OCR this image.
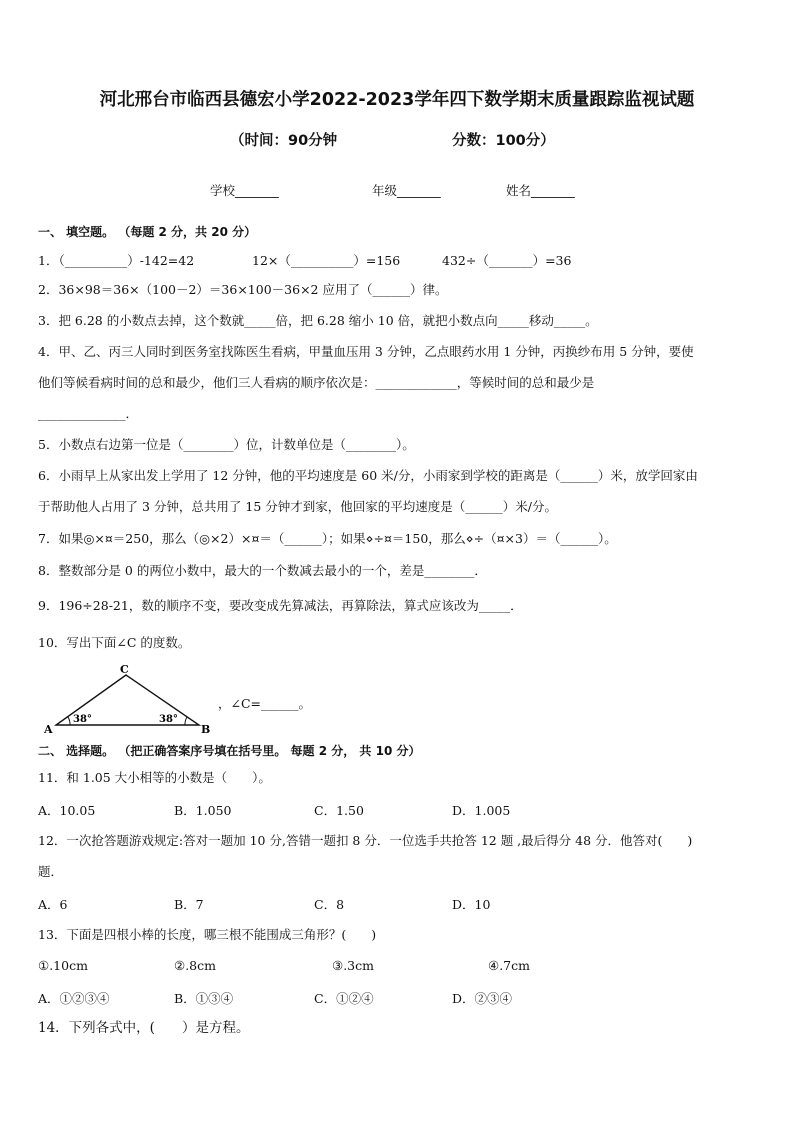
河北邢台市临西县德宏小学2022-2023学年四下数学期末质量跟踪监视试题
（时间：90分钟	分数：100分）
学校_______	年级_______	姓名_______
一、 填空题。 （每题 2 分，共 20 分）
1．（__________）-142=42	12×（__________）=156	432÷（_______）=36
2．36×98＝36×（100－2）＝36×100－36×2 应用了（______）律。
3．把 6.28 的小数点去掉，这个数就_____倍，把 6.28 缩小 10 倍，就把小数点向_____移动_____。
4．甲、乙、丙三人同时到医务室找陈医生看病，甲量血压用 3 分钟，乙点眼药水用 1 分钟，丙换纱布用 5 分钟，要使
他们等候看病时间的总和最少，他们三人看病的顺序依次是：_____________，等候时间的总和最少是
______________．
5．小数点右边第一位是（________）位，计数单位是（________）。
6．小雨早上从家出发上学用了 12 分钟，他的平均速度是 60 米/分，小雨家到学校的距离是（______）米，放学回家由
于帮助他人占用了 3 分钟，总共用了 15 分钟才到家，他回家的平均速度是（______）米/分。
7．如果◎×¤＝250，那么（◎×2）×¤＝（______）；如果⋄÷¤＝150，那么⋄÷（¤×3）＝（______）。
8．整数部分是 0 的两位小数中，最大的一个数减去最小的一个，差是________．
9．196÷28-21，数的顺序不变，要改变成先算减法，再算除法，算式应该改为_____．
10．写出下面∠C 的度数。
C
A	B
38°	38°
，∠C=______。
二、 选择题。 （把正确答案序号填在括号里。 每题 2 分， 共 10 分）
11．和 1.05 大小相等的小数是（　　）。
A．10.05	B．1.050	C．1.50	D．1.005
12．一次抢答题游戏规定:答对一题加 10 分,答错一题扣 8 分．一位选手共抢答 12 题 ,最后得分 48 分．他答对(　　)
题．
A．6	B．7	C．8	D．10
13．下面是四根小棒的长度，哪三根不能围成三角形？(　　)
①.10cm	②.8cm	③.3cm	④.7cm
A．①②③④	B．①③④	C．①②④	D．②③④
14．下列各式中，(　　）是方程。
